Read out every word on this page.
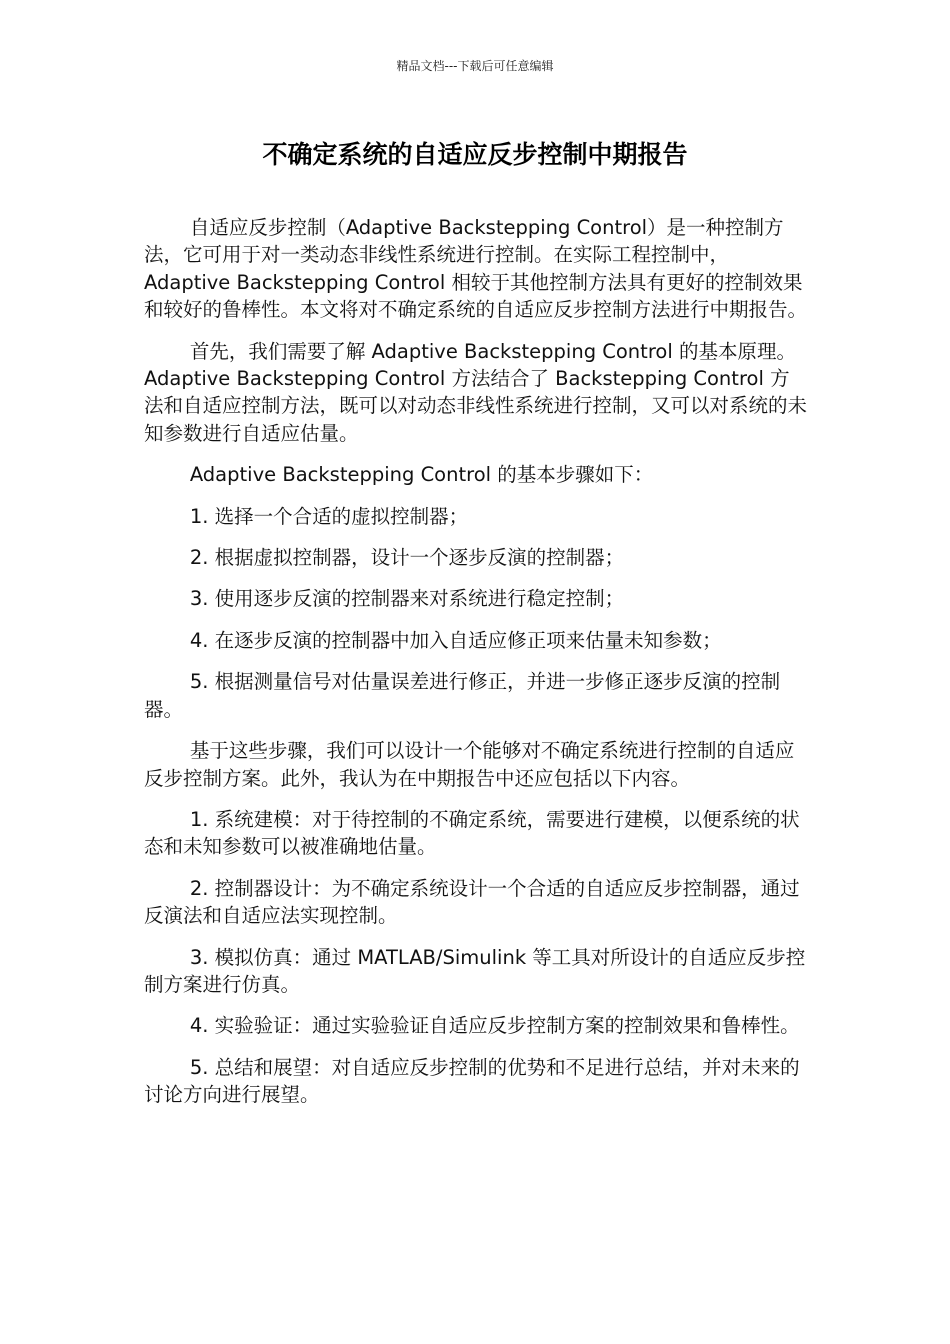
精品文档---下载后可任意编辑
不确定系统的自适应反步控制中期报告

自适应反步控制（Adaptive Backstepping Control）是一种控制方法，它可用于对一类动态非线性系统进行控制。在实际工程控制中，Adaptive Backstepping Control 相较于其他控制方法具有更好的控制效果和较好的鲁棒性。本文将对不确定系统的自适应反步控制方法进行中期报告。

首先，我们需要了解 Adaptive Backstepping Control 的基本原理。Adaptive Backstepping Control 方法结合了 Backstepping Control 方法和自适应控制方法，既可以对动态非线性系统进行控制，又可以对系统的未知参数进行自适应估量。

Adaptive Backstepping Control 的基本步骤如下：

1. 选择一个合适的虚拟控制器；

2. 根据虚拟控制器，设计一个逐步反演的控制器；

3. 使用逐步反演的控制器来对系统进行稳定控制；

4. 在逐步反演的控制器中加入自适应修正项来估量未知参数；

5. 根据测量信号对估量误差进行修正，并进一步修正逐步反演的控制器。

基于这些步骤，我们可以设计一个能够对不确定系统进行控制的自适应反步控制方案。此外，我认为在中期报告中还应包括以下内容。

1. 系统建模：对于待控制的不确定系统，需要进行建模，以便系统的状态和未知参数可以被准确地估量。

2. 控制器设计：为不确定系统设计一个合适的自适应反步控制器，通过反演法和自适应法实现控制。

3. 模拟仿真：通过 MATLAB/Simulink 等工具对所设计的自适应反步控制方案进行仿真。

4. 实验验证：通过实验验证自适应反步控制方案的控制效果和鲁棒性。

5. 总结和展望：对自适应反步控制的优势和不足进行总结，并对未来的讨论方向进行展望。
